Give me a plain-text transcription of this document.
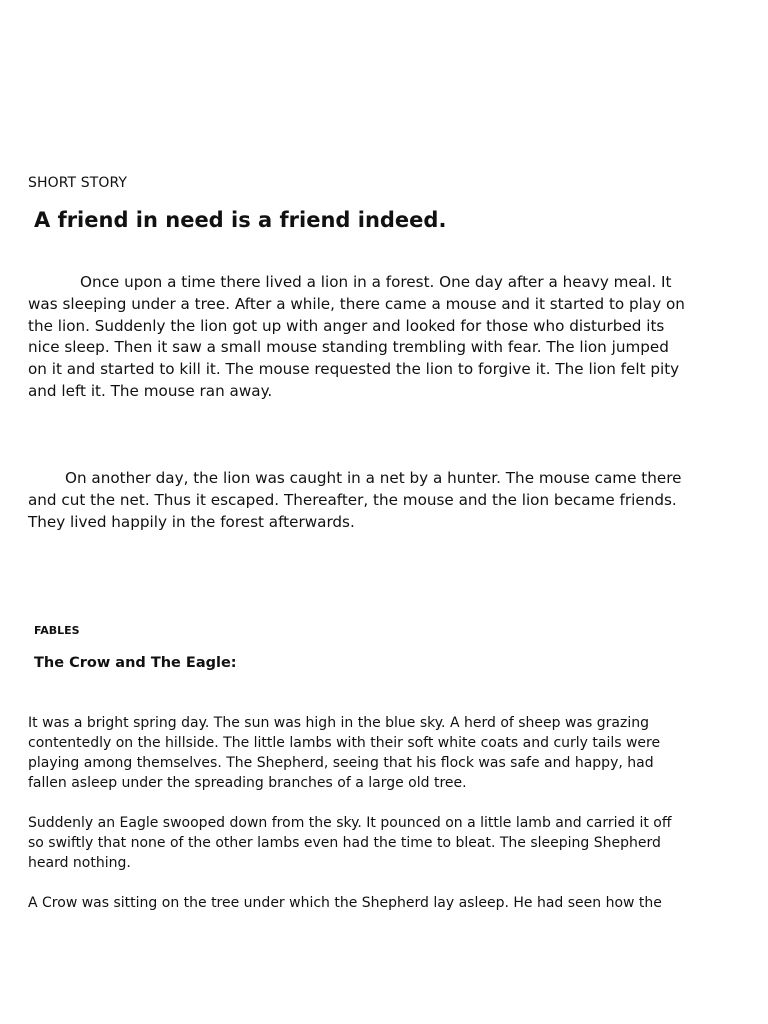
SHORT STORY

A friend in need is a friend indeed.

Once upon a time there lived a lion in a forest. One day after a heavy meal. It was sleeping under a tree. After a while, there came a mouse and it started to play on the lion. Suddenly the lion got up with anger and looked for those who disturbed its nice sleep. Then it saw a small mouse standing trembling with fear. The lion jumped on it and started to kill it. The mouse requested the lion to forgive it. The lion felt pity and left it. The mouse ran away.

On another day, the lion was caught in a net by a hunter. The mouse came there and cut the net. Thus it escaped. Thereafter, the mouse and the lion became friends. They lived happily in the forest afterwards.

FABLES

The Crow and The Eagle:

It was a bright spring day. The sun was high in the blue sky. A herd of sheep was grazing contentedly on the hillside. The little lambs with their soft white coats and curly tails were playing among themselves. The Shepherd, seeing that his flock was safe and happy, had fallen asleep under the spreading branches of a large old tree.

Suddenly an Eagle swooped down from the sky. It pounced on a little lamb and carried it off so swiftly that none of the other lambs even had the time to bleat. The sleeping Shepherd heard nothing.

A Crow was sitting on the tree under which the Shepherd lay asleep. He had seen how the
